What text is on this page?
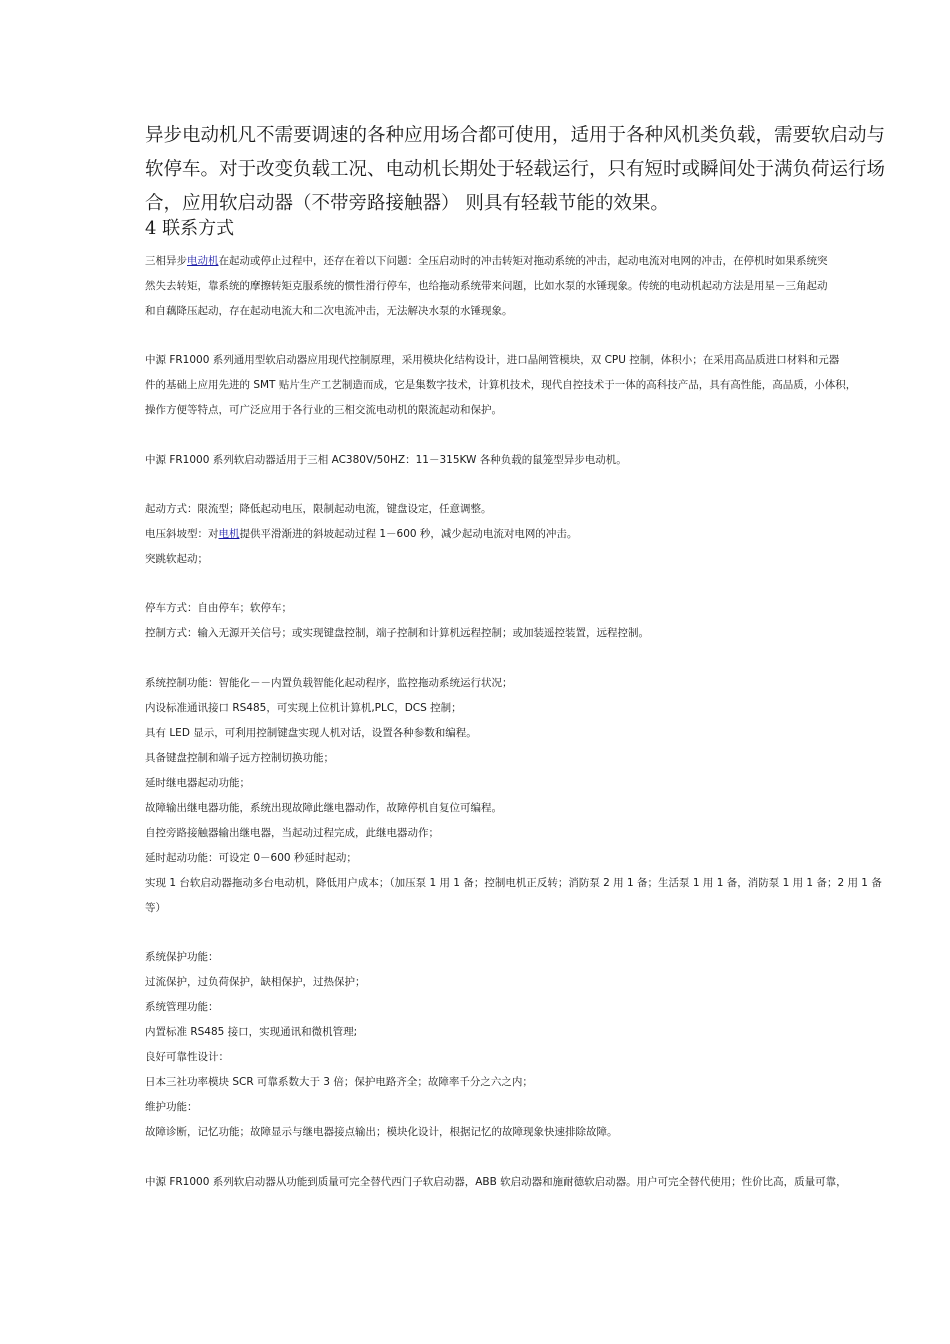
异步电动机凡不需要调速的各种应用场合都可使用，适用于各种风机类负载，需要软启动与
软停车。对于改变负载工况、电动机长期处于轻载运行，只有短时或瞬间处于满负荷运行场
合，应用软启动器（不带旁路接触器） 则具有轻载节能的效果。
4 联系方式
三相异步电动机在起动或停止过程中，还存在着以下问题：全压启动时的冲击转矩对拖动系统的冲击，起动电流对电网的冲击，在停机时如果系统突
然失去转矩，靠系统的摩擦转矩克服系统的惯性滑行停车，也给拖动系统带来问题，比如水泵的水锤现象。传统的电动机起动方法是用星－三角起动
和自藕降压起动，存在起动电流大和二次电流冲击，无法解决水泵的水锤现象。
中源 FR1000 系列通用型软启动器应用现代控制原理，采用模块化结构设计，进口晶闸管模块，双 CPU 控制，体积小；在采用高品质进口材料和元器
件的基础上应用先进的 SMT 贴片生产工艺制造而成，它是集数字技术，计算机技术，现代自控技术于一体的高科技产品，具有高性能，高品质，小体积，
操作方便等特点，可广泛应用于各行业的三相交流电动机的限流起动和保护。
中源 FR1000 系列软启动器适用于三相 AC380V/50HZ：11－315KW 各种负载的鼠笼型异步电动机。
起动方式：限流型；降低起动电压，限制起动电流，键盘设定，任意调整。
电压斜坡型：对电机提供平滑渐进的斜坡起动过程 1－600 秒，减少起动电流对电网的冲击。
突跳软起动；
停车方式：自由停车；软停车；
控制方式：输入无源开关信号；或实现键盘控制，端子控制和计算机远程控制；或加装遥控装置，远程控制。
系统控制功能：智能化－－内置负载智能化起动程序，监控拖动系统运行状况；
内设标准通讯接口 RS485，可实现上位机计算机,PLC，DCS 控制；
具有 LED 显示，可利用控制键盘实现人机对话，设置各种参数和编程。
具备键盘控制和端子远方控制切换功能；
延时继电器起动功能；
故障输出继电器功能，系统出现故障此继电器动作，故障停机自复位可编程。
自控旁路接触器输出继电器，当起动过程完成，此继电器动作；
延时起动功能：可设定 0－600 秒延时起动；
实现 1 台软启动器拖动多台电动机，降低用户成本；（加压泵 1 用 1 备；控制电机正反转；消防泵 2 用 1 备；生活泵 1 用 1 备，消防泵 1 用 1 备；2 用 1 备
等）
系统保护功能：
过流保护，过负荷保护，缺相保护，过热保护；
系统管理功能：
内置标准 RS485 接口，实现通讯和微机管理;
良好可靠性设计：
日本三社功率模块 SCR 可靠系数大于 3 倍；保护电路齐全；故障率千分之六之内；
维护功能：
故障诊断，记忆功能；故障显示与继电器接点输出；模块化设计，根据记忆的故障现象快速排除故障。
中源 FR1000 系列软启动器从功能到质量可完全替代西门子软启动器，ABB 软启动器和施耐德软启动器。用户可完全替代使用；性价比高，质量可靠，
